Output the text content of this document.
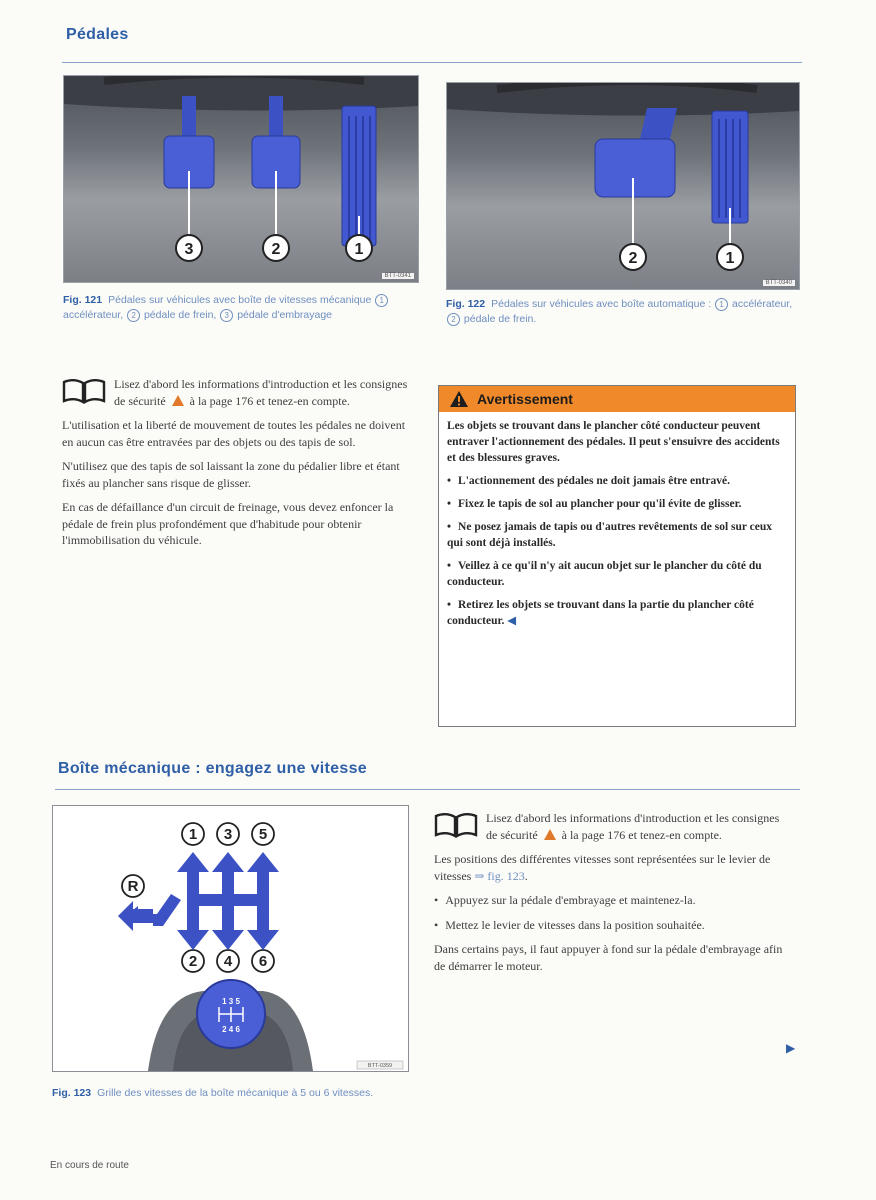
Pédales
3	2	1
BTT-0341
Fig. 121 Pédales sur véhicules avec boîte de vitesses mécanique 1 accélérateur, 2 pédale de frein, 3 pédale d'embrayage
2	1
BTT-0340
Fig. 122 Pédales sur véhicules avec boîte automatique : 1 accélérateur, 2 pédale de frein.

Lisez d'abord les informations d'introduction et les consignes de sécurité à la page 176 et tenez-en compte.

L'utilisation et la liberté de mouvement de toutes les pédales ne doivent en aucun cas être entravées par des objets ou des tapis de sol.

N'utilisez que des tapis de sol laissant la zone du pédalier libre et étant fixés au plancher sans risque de glisser.

En cas de défaillance d'un circuit de freinage, vous devez enfoncer la pédale de frein plus profondément que d'habitude pour obtenir l'immobilisation du véhicule.

Avertissement

Les objets se trouvant dans le plancher côté conducteur peuvent entraver l'actionnement des pédales. Il peut s'ensuivre des accidents et des blessures graves.

• L'actionnement des pédales ne doit jamais être entravé.

• Fixez le tapis de sol au plancher pour qu'il évite de glisser.

• Ne posez jamais de tapis ou d'autres revêtements de sol sur ceux qui sont déjà installés.

• Veillez à ce qu'il n'y ait aucun objet sur le plancher du côté du conducteur.

• Retirez les objets se trouvant dans la partie du plancher côté conducteur. ◀

Boîte mécanique : engagez une vitesse
1 3 5
2 4 6
R
1 3 5
2 4 6
BTT-0359
Fig. 123 Grille des vitesses de la boîte mécanique à 5 ou 6 vitesses.

Lisez d'abord les informations d'introduction et les consignes de sécurité à la page 176 et tenez-en compte.

Les positions des différentes vitesses sont représentées sur le levier de vitesses ⇒ fig. 123.

• Appuyez sur la pédale d'embrayage et maintenez-la.

• Mettez le levier de vitesses dans la position souhaitée.

Dans certains pays, il faut appuyer à fond sur la pédale d'embrayage afin de démarrer le moteur.

▶
En cours de route
